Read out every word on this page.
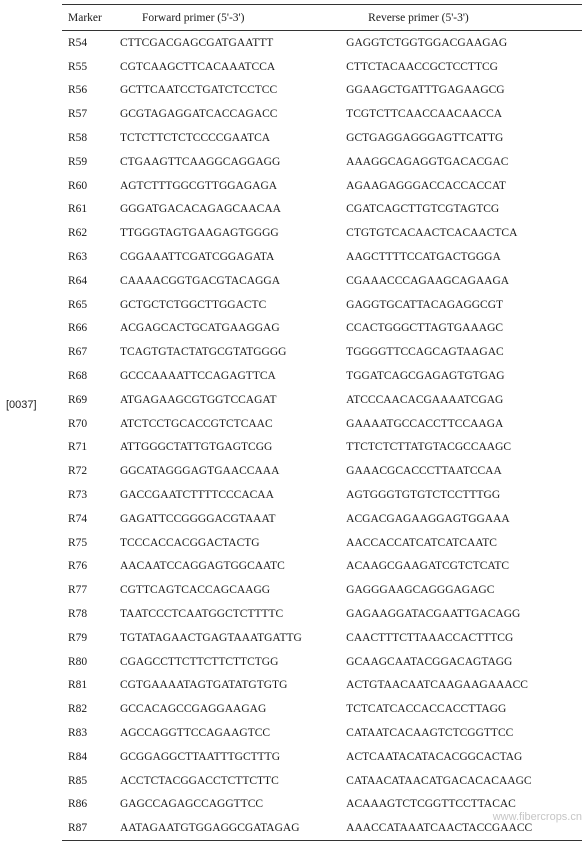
[0037]
Marker	Forward primer (5'-3')	Reverse primer (5'-3')
R54	CTTCGACGAGCGATGAATTT	GAGGTCTGGTGGACGAAGAG
R55	CGTCAAGCTTCACAAATCCA	CTTCTACAACCGCTCCTTCG
R56	GCTTCAATCCTGATCTCCTCC	GGAAGCTGATTTGAGAAGCG
R57	GCGTAGAGGATCACCAGACC	TCGTCTTCAACCAACAACCA
R58	TCTCTTCTCTCCCCGAATCA	GCTGAGGAGGGAGTTCATTG
R59	CTGAAGTTCAAGGCAGGAGG	AAAGGCAGAGGTGACACGAC
R60	AGTCTTTGGCGTTGGAGAGA	AGAAGAGGGACCACCACCAT
R61	GGGATGACACAGAGCAACAA	CGATCAGCTTGTCGTAGTCG
R62	TTGGGTAGTGAAGAGTGGGG	CTGTGTCACAACTCACAACTCA
R63	CGGAAATTCGATCGGAGATA	AAGCTTTTCCATGACTGGGA
R64	CAAAACGGTGACGTACAGGA	CGAAACCCAGAAGCAGAAGA
R65	GCTGCTCTGGCTTGGACTC	GAGGTGCATTACAGAGGCGT
R66	ACGAGCACTGCATGAAGGAG	CCACTGGGCTTAGTGAAAGC
R67	TCAGTGTACTATGCGTATGGGG	TGGGGTTCCAGCAGTAAGAC
R68	GCCCAAAATTCCAGAGTTCA	TGGATCAGCGAGAGTGTGAG
R69	ATGAGAAGCGTGGTCCAGAT	ATCCCAACACGAAAATCGAG
R70	ATCTCCTGCACCGTCTCAAC	GAAAATGCCACCTTCCAAGA
R71	ATTGGGCTATTGTGAGTCGG	TTCTCTCTTATGTACGCCAAGC
R72	GGCATAGGGAGTGAACCAAA	GAAACGCACCCTTAATCCAA
R73	GACCGAATCTTTTCCCACAA	AGTGGGTGTGTCTCCTTTGG
R74	GAGATTCCGGGGACGTAAAT	ACGACGAGAAGGAGTGGAAA
R75	TCCCACCACGGACTACTG	AACCACCATCATCATCAATC
R76	AACAATCCAGGAGTGGCAATC	ACAAGCGAAGATCGTCTCATC
R77	CGTTCAGTCACCAGCAAGG	GAGGGAAGCAGGGAGAGC
R78	TAATCCCTCAATGGCTCTTTTC	GAGAAGGATACGAATTGACAGG
R79	TGTATAGAACTGAGTAAATGATTG	CAACTTTCTTAAACCACTTTCG
R80	CGAGCCTTCTTCTTCTTCTGG	GCAAGCAATACGGACAGTAGG
R81	CGTGAAAATAGTGATATGTGTG	ACTGTAACAATCAAGAAGAAACC
R82	GCCACAGCCGAGGAAGAG	TCTCATCACCACCACCTTAGG
R83	AGCCAGGTTCCAGAAGTCC	CATAATCACAAGTCTCGGTTCC
R84	GCGGAGGCTTAATTTGCTTTG	ACTCAATACATACACGGCACTAG
R85	ACCTCTACGGACCTCTTCTTC	CATAACATAACATGACACACAAGC
R86	GAGCCAGAGCCAGGTTCC	ACAAAGTCTCGGTTCCTTACAC
R87	AATAGAATGTGGAGGCGATAGAG	AAACCATAAATCAACTACCGAACC
www.fibercrops.cn
